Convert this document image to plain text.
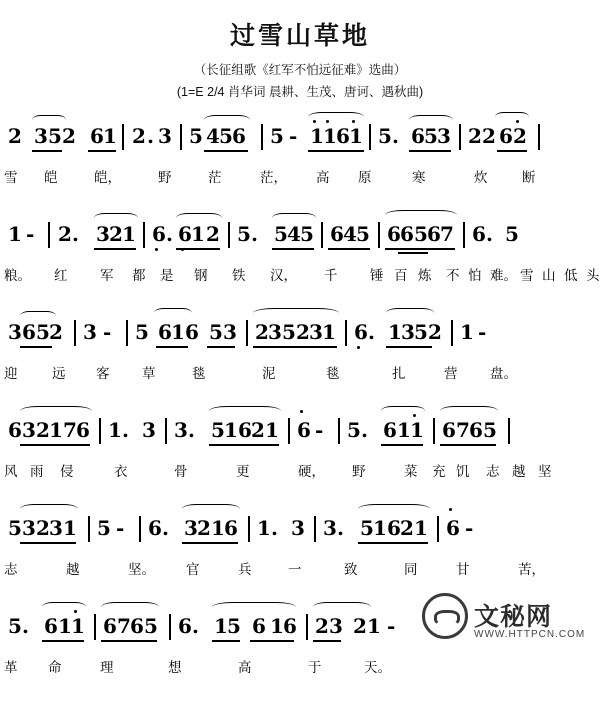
过雪山草地
（长征组歌《红军不怕远征难》选曲）
(1=E 2/4 肖华词 晨耕、生茂、唐诃、遇秋曲)
2 3 5 2 6 1 2 . 3 5 4 5 6 5 - 1 1 6 1 5 . 6 5 3 2 2 6 2
雪 皑	皑，	野	茫	茫， 高 原	寒	炊	断
1 - 2 . 3 2 1 6 . 6 1 2 5 . 5 4 5 6 4 5 6 6 5 6 7 6 . 5
粮。 红 军 都 是 钢 铁 汉， 千 锤 百 炼 不 怕 难。 雪 山 低 头
3 6 5 2 3 - 5 6 1 6 5 3 2 3 5 2 3 1 6 . 1 3 5 2 1 -
迎	远 客 草	毯	泥	毯	扎	营 盘。
6 3 2 1 7 6 1 . 3 3 . 5 1 6 2 1 6 - 5 . 6 1 1 6 7 6 5
风 雨 侵	衣	骨	更	硬， 野	菜 充 饥 志 越 坚
5 3 2 3 1 5 - 6 . 3 2 1 6 1 . 3 3 . 5 1 6 2 1 6 -
志	越	坚。 官	兵	一	致	同	甘	苦，
5 . 6 1 1 6 7 6 5 6 . 1 5 6 1 6 2 3 2 1 -
革 命	理	想	高	于	天。
文秘网
WWW.HTTPCN.COM
